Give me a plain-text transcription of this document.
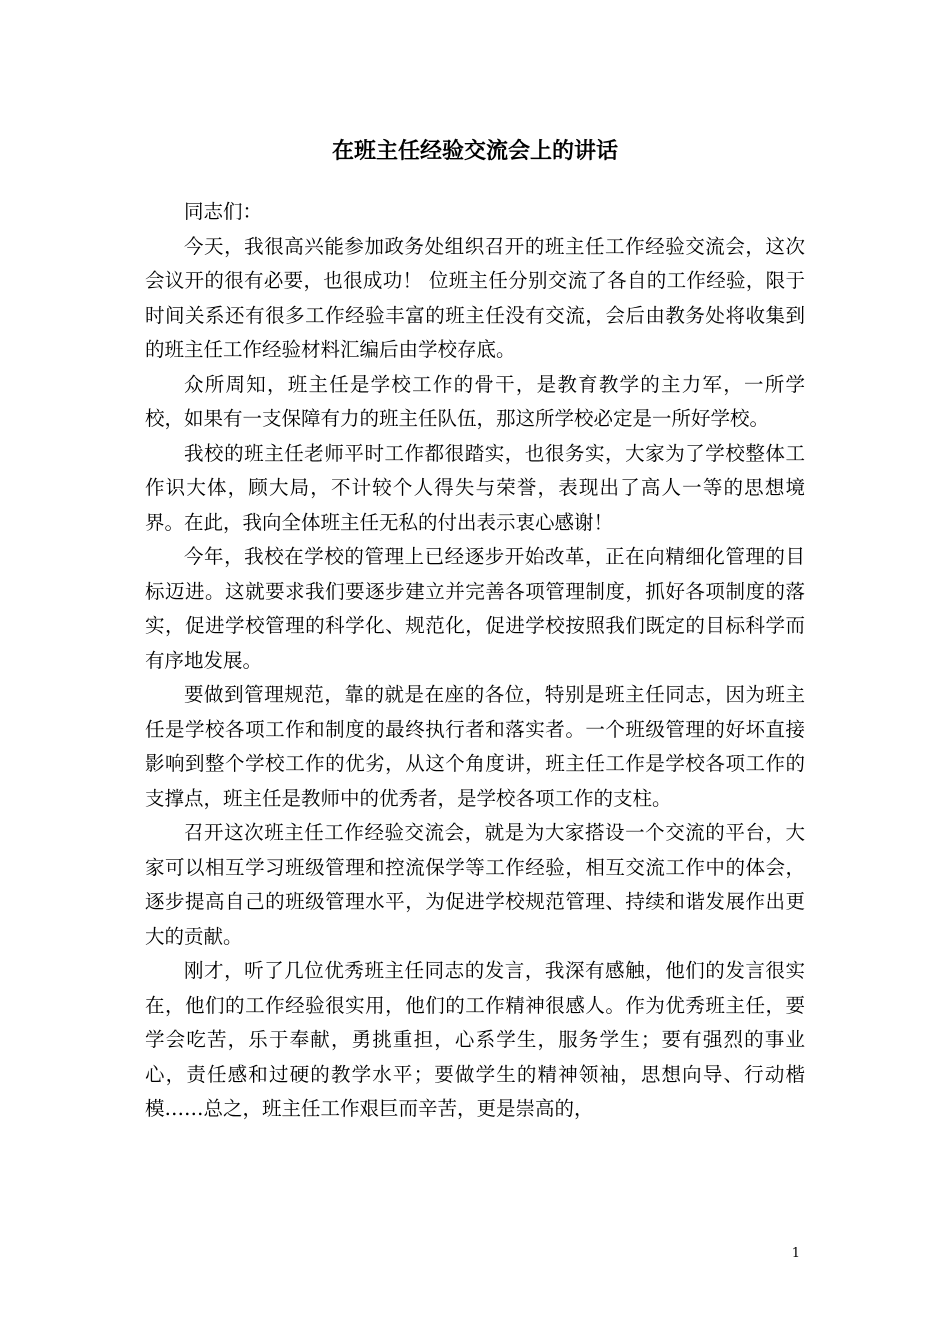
在班主任经验交流会上的讲话

同志们：

今天，我很高兴能参加政务处组织召开的班主任工作经验交流会，这次会议开的很有必要，也很成功！ 位班主任分别交流了各自的工作经验，限于时间关系还有很多工作经验丰富的班主任没有交流，会后由教务处将收集到的班主任工作经验材料汇编后由学校存底。

众所周知，班主任是学校工作的骨干，是教育教学的主力军，一所学校，如果有一支保障有力的班主任队伍，那这所学校必定是一所好学校。

我校的班主任老师平时工作都很踏实，也很务实，大家为了学校整体工作识大体，顾大局，不计较个人得失与荣誉，表现出了高人一等的思想境界。在此，我向全体班主任无私的付出表示衷心感谢！

今年，我校在学校的管理上已经逐步开始改革，正在向精细化管理的目标迈进。这就要求我们要逐步建立并完善各项管理制度，抓好各项制度的落实，促进学校管理的科学化、规范化，促进学校按照我们既定的目标科学而有序地发展。

要做到管理规范，靠的就是在座的各位，特别是班主任同志，因为班主任是学校各项工作和制度的最终执行者和落实者。一个班级管理的好坏直接影响到整个学校工作的优劣，从这个角度讲，班主任工作是学校各项工作的支撑点，班主任是教师中的优秀者，是学校各项工作的支柱。

召开这次班主任工作经验交流会，就是为大家搭设一个交流的平台，大家可以相互学习班级管理和控流保学等工作经验，相互交流工作中的体会，逐步提高自己的班级管理水平，为促进学校规范管理、持续和谐发展作出更大的贡献。

刚才，听了几位优秀班主任同志的发言，我深有感触，他们的发言很实在，他们的工作经验很实用，他们的工作精神很感人。作为优秀班主任，要学会吃苦，乐于奉献，勇挑重担，心系学生，服务学生；要有强烈的事业心，责任感和过硬的教学水平；要做学生的精神领袖，思想向导、行动楷模……总之，班主任工作艰巨而辛苦，更是崇高的，

1
